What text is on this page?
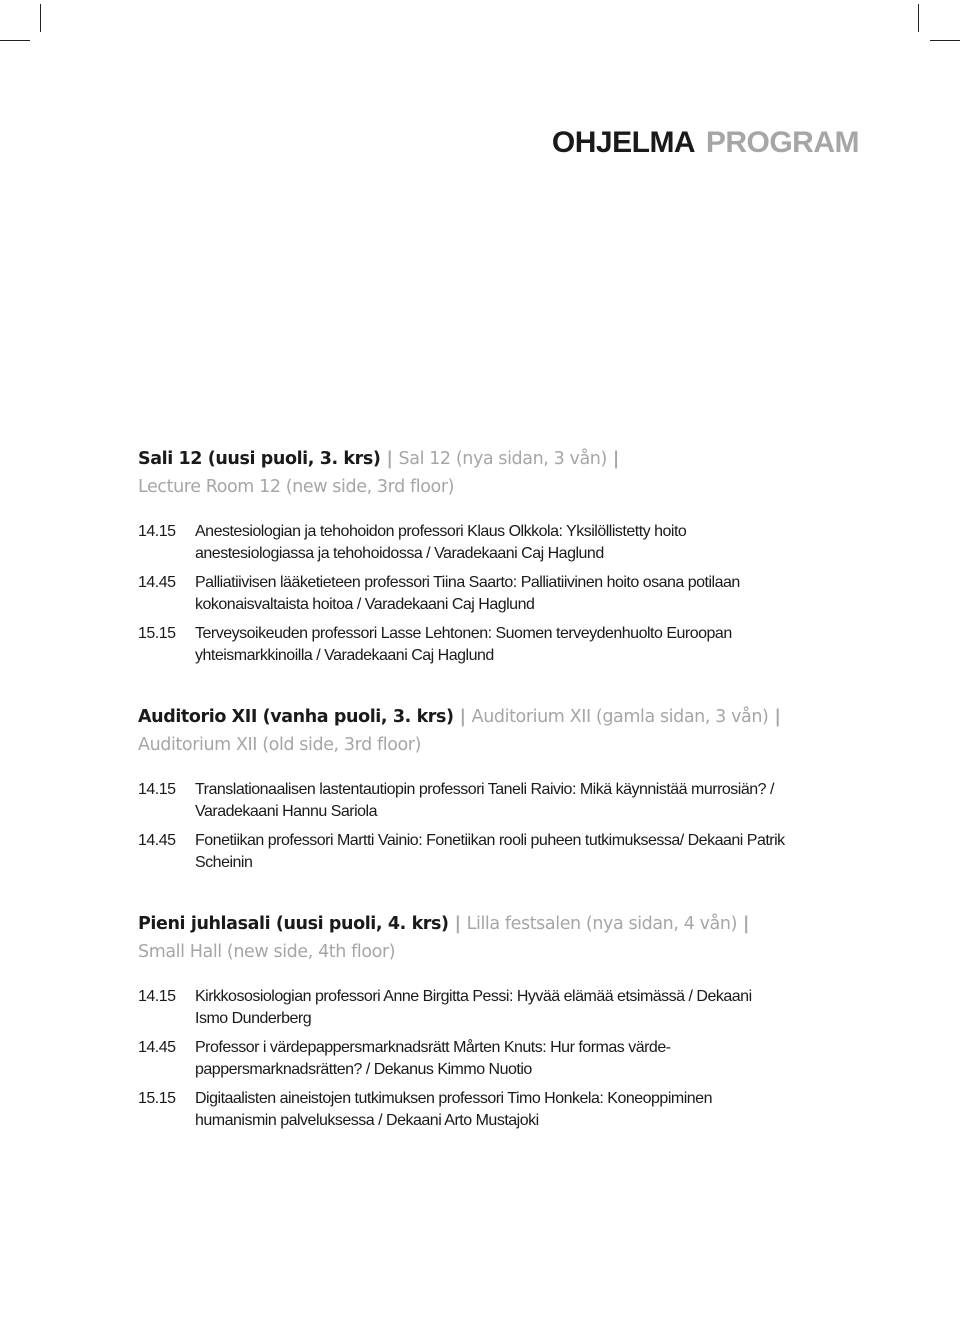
OHJELMA PROGRAM
Sali 12 (uusi puoli, 3. krs) | Sal 12 (nya sidan, 3 vån) |
Lecture Room 12 (new side, 3rd floor)
14.15	Anestesiologian ja tehohoidon professori Klaus Olkkola: Yksilöllistetty hoito anestesiologiassa ja tehohoidossa / Varadekaani Caj Haglund
14.45	Palliatiivisen lääketieteen professori Tiina Saarto: Palliatiivinen hoito osana potilaan kokonaisvaltaista hoitoa / Varadekaani Caj Haglund
15.15	Terveysoikeuden professori Lasse Lehtonen: Suomen terveydenhuolto Euroopan yhteismarkkinoilla / Varadekaani Caj Haglund
Auditorio XII (vanha puoli, 3. krs) | Auditorium XII (gamla sidan, 3 vån) |
Auditorium XII (old side, 3rd floor)
14.15	Translationaalisen lastentautiopin professori Taneli Raivio: Mikä käynnistää murrosiän? / Varadekaani Hannu Sariola
14.45	Fonetiikan professori Martti Vainio: Fonetiikan rooli puheen tutkimuksessa/ Dekaani Patrik Scheinin
Pieni juhlasali (uusi puoli, 4. krs) | Lilla festsalen (nya sidan, 4 vån) |
Small Hall (new side, 4th floor)
14.15	Kirkkososiologian professori Anne Birgitta Pessi: Hyvää elämää etsimässä / Dekaani Ismo Dunderberg
14.45	Professor i värdepappersmarknadsrätt Mårten Knuts: Hur formas värde-pappersmarknadsrätten? / Dekanus Kimmo Nuotio
15.15	Digitaalisten aineistojen tutkimuksen professori Timo Honkela: Koneoppiminen humanismin palveluksessa / Dekaani Arto Mustajoki
